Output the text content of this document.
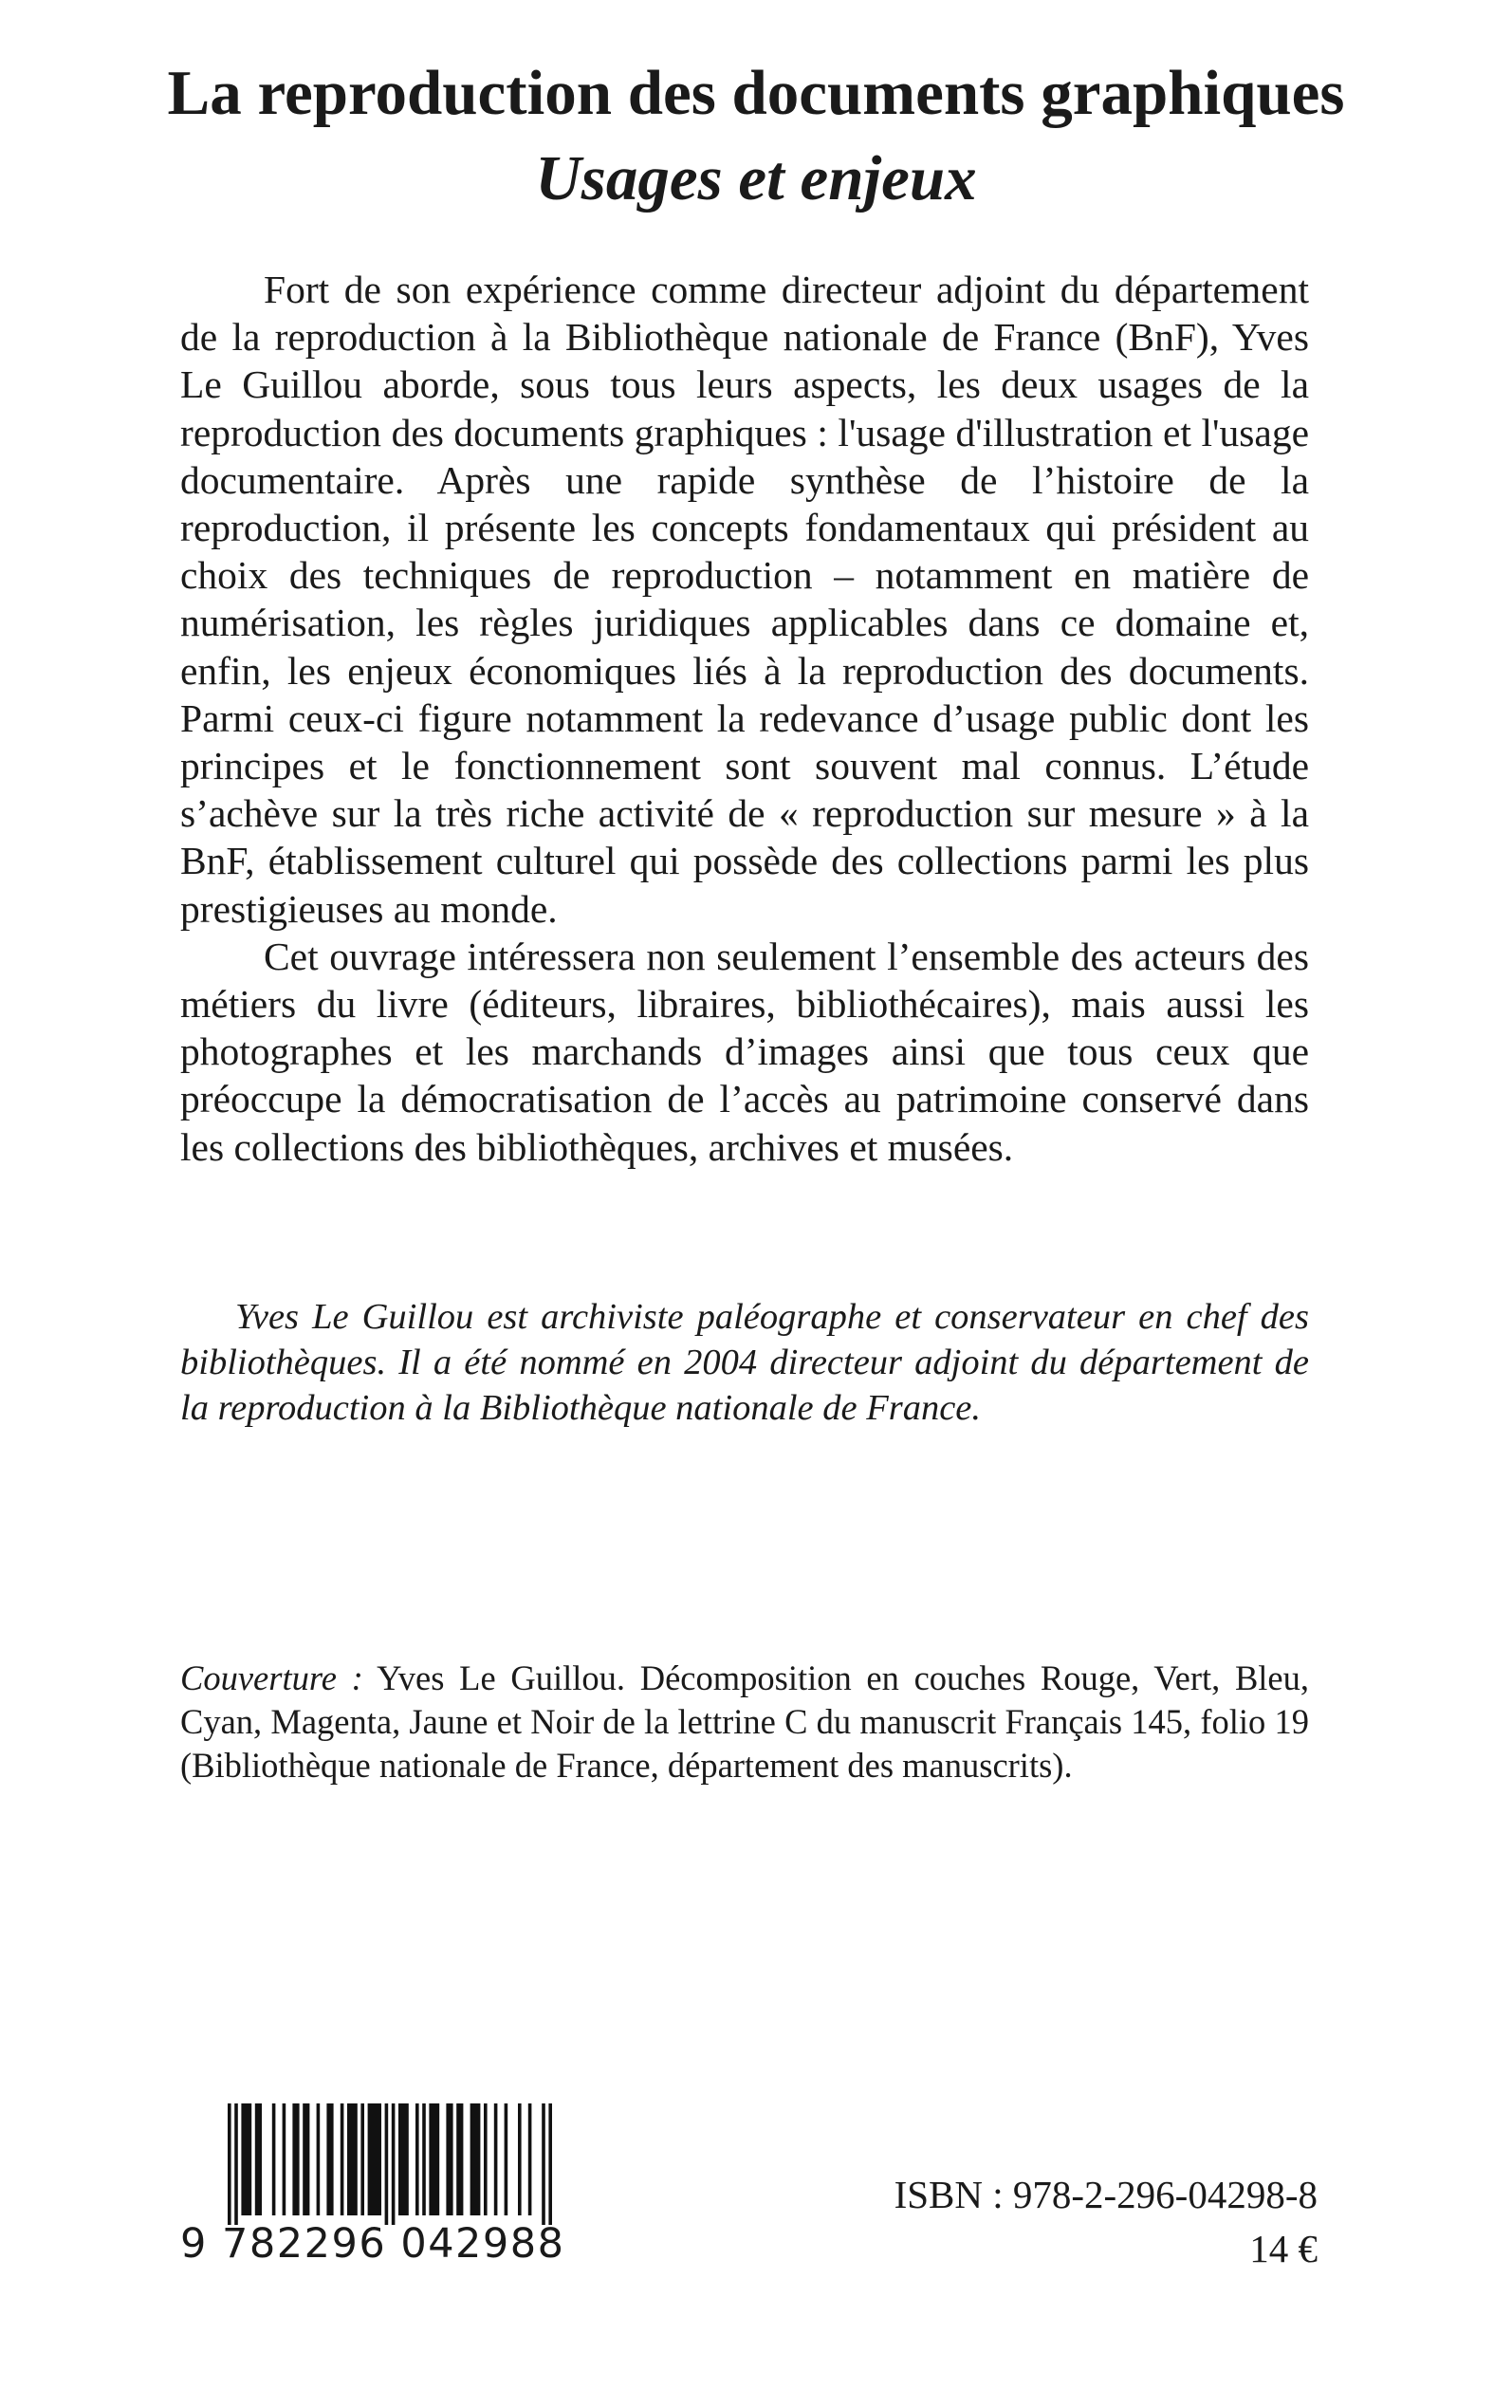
La reproduction des documents graphiques
Usages et enjeux

Fort de son expérience comme directeur adjoint du département de la reproduction à la Bibliothèque nationale de France (BnF), Yves Le Guillou aborde, sous tous leurs aspects, les deux usages de la reproduction des documents graphiques : l'usage d'illustration et l'usage documentaire. Après une rapide synthèse de l’histoire de la reproduction, il présente les concepts fondamentaux qui président au choix des techniques de reproduction – notamment en matière de numérisation, les règles juridiques applicables dans ce domaine et, enfin, les enjeux économiques liés à la reproduction des documents. Parmi ceux-ci figure notamment la redevance d’usage public dont les principes et le fonctionnement sont souvent mal connus. L’étude s’achève sur la très riche activité de « reproduction sur mesure » à la BnF, établissement culturel qui possède des collections parmi les plus prestigieuses au monde.

Cet ouvrage intéressera non seulement l’ensemble des acteurs des métiers du livre (éditeurs, libraires, bibliothécaires), mais aussi les photographes et les marchands d’images ainsi que tous ceux que préoccupe la démocratisation de l’accès au patrimoine conservé dans les collections des bibliothèques, archives et musées.

Yves Le Guillou est archiviste paléographe et conservateur en chef des bibliothèques. Il a été nommé en 2004 directeur adjoint du département de la reproduction à la Bibliothèque nationale de France.

Couverture : Yves Le Guillou. Décomposition en couches Rouge, Vert, Bleu, Cyan, Magenta, Jaune et Noir de la lettrine C du manuscrit Français 145, folio 19 (Bibliothèque nationale de France, département des manuscrits).

9 782296 042988
ISBN : 978-2-296-04298-8
14 €
